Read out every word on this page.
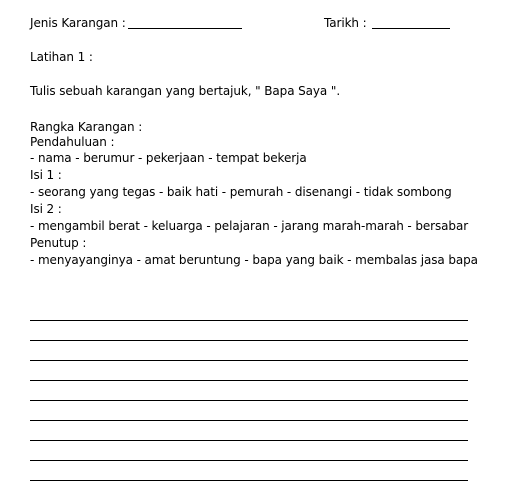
Jenis Karangan :	Tarikh :
Latihan 1 :
Tulis sebuah karangan yang bertajuk, " Bapa Saya ".
Rangka Karangan :
Pendahuluan :
- nama - berumur - pekerjaan - tempat bekerja
Isi 1 :
- seorang yang tegas - baik hati - pemurah - disenangi - tidak sombong
Isi 2 :
- mengambil berat - keluarga - pelajaran - jarang marah-marah - bersabar
Penutup :
- menyayanginya - amat beruntung - bapa yang baik - membalas jasa bapa
